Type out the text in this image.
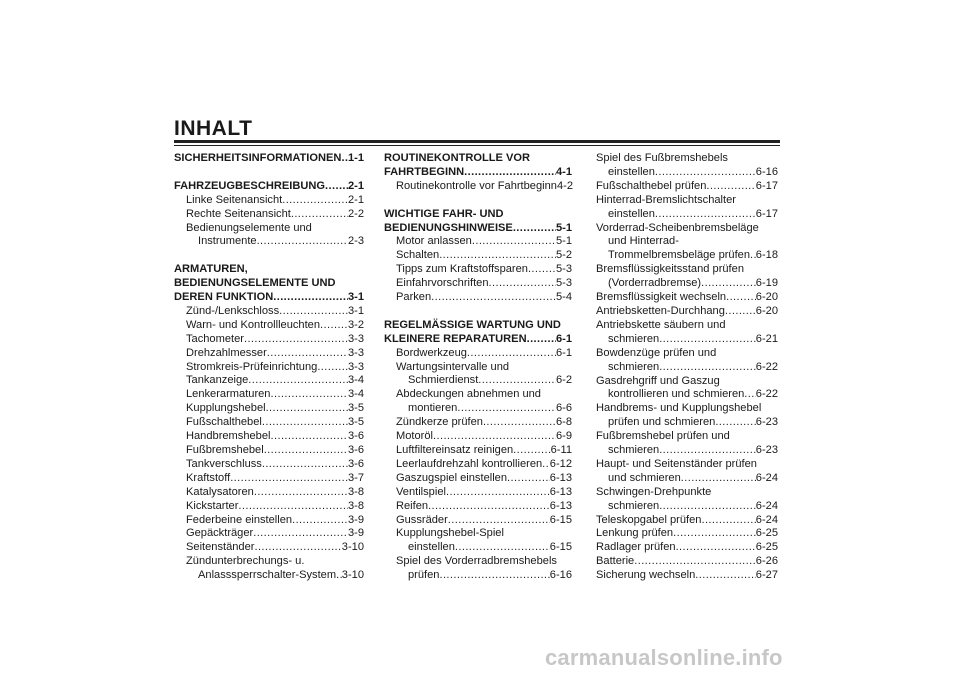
INHALT
SICHERHEITSINFORMATIONEN ..... 1-1
FAHRZEUGBESCHREIBUNG ..... 2-1
Linke Seitenansicht .....	2-1
Rechte Seitenansicht .....	2-2
Bedienungselemente und
Instrumente .....	2-3
ARMATUREN,
BEDIENUNGSELEMENTE UND
DEREN FUNKTION .....	3-1
Zünd-/Lenkschloss .....	3-1
Warn- und Kontrollleuchten .....	3-2
Tachometer .....	3-3
Drehzahlmesser .....	3-3
Stromkreis-Prüfeinrichtung .....	3-3
Tankanzeige .....	3-4
Lenkerarmaturen .....	3-4
Kupplungshebel .....	3-5
Fußschalthebel .....	3-5
Handbremshebel .....	3-6
Fußbremshebel .....	3-6
Tankverschluss .....	3-6
Kraftstoff .....	3-7
Katalysatoren .....	3-8
Kickstarter .....	3-8
Federbeine einstellen .....	3-9
Gepäckträger .....	3-9
Seitenständer .....	3-10
Zündunterbrechungs- u.
Anlasssperrschalter-System ..... 3-10
ROUTINEKONTROLLE VOR
FAHRTBEGINN .....	4-1
Routinekontrolle vor Fahrtbeginn 4-2
WICHTIGE FAHR- UND
BEDIENUNGSHINWEISE .....	5-1
Motor anlassen .....	5-1
Schalten .....	5-2
Tipps zum Kraftstoffsparen .....	5-3
Einfahrvorschriften .....	5-3
Parken .....	5-4
REGELMÄSSIGE WARTUNG UND
KLEINERE REPARATUREN .....	6-1
Bordwerkzeug .....	6-1
Wartungsintervalle und
Schmierdienst .....	6-2
Abdeckungen abnehmen und
montieren .....	6-6
Zündkerze prüfen .....	6-8
Motoröl .....	6-9
Luftfiltereinsatz reinigen .....	6-11
Leerlaufdrehzahl kontrollieren ..... 6-12
Gaszugspiel einstellen .....	6-13
Ventilspiel .....	6-13
Reifen .....	6-13
Gussräder .....	6-15
Kupplungshebel-Spiel
einstellen .....	6-15
Spiel des Vorderradbremshebels
prüfen .....	6-16
Spiel des Fußbremshebels
einstellen .....	6-16
Fußschalthebel prüfen .....	6-17
Hinterrad-Bremslichtschalter
einstellen .....	6-17
Vorderrad-Scheibenbremsbeläge
und Hinterrad-
Trommelbremsbeläge prüfen ..... 6-18
Bremsflüssigkeitsstand prüfen
(Vorderradbremse) .....	6-19
Bremsflüssigkeit wechseln .....	6-20
Antriebsketten-Durchhang .....	6-20
Antriebskette säubern und
schmieren .....	6-21
Bowdenzüge prüfen und
schmieren .....	6-22
Gasdrehgriff und Gaszug
kontrollieren und schmieren ..... 6-22
Handbrems- und Kupplungshebel
prüfen und schmieren .....	6-23
Fußbremshebel prüfen und
schmieren .....	6-23
Haupt- und Seitenständer prüfen
und schmieren .....	6-24
Schwingen-Drehpunkte
schmieren .....	6-24
Teleskopgabel prüfen .....	6-24
Lenkung prüfen .....	6-25
Radlager prüfen .....	6-25
Batterie .....	6-26
Sicherung wechseln .....	6-27
carmanualsonline.info
